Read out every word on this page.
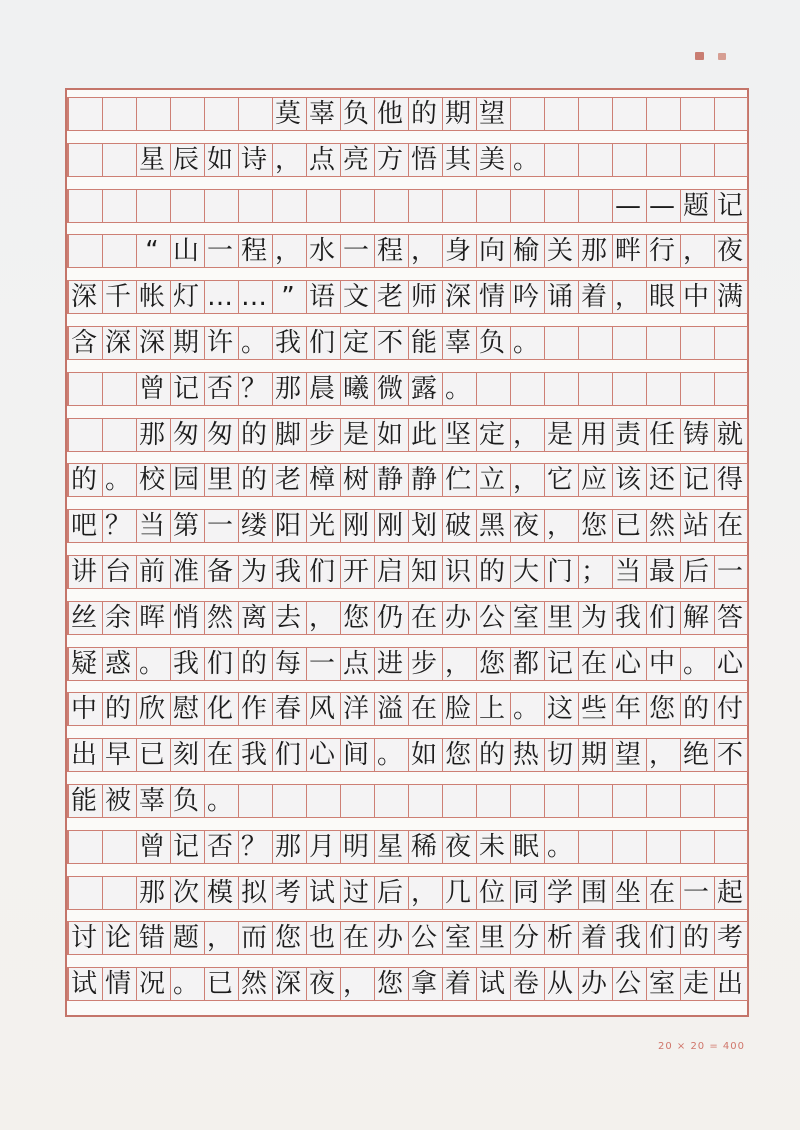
莫 辜 负 他 的 期 望
星 辰 如 诗 ， 点 亮 方 悟 其 美 。
— — 题 记
“ 山 一 程 ， 水 一 程 ， 身 向 榆 关 那 畔 行 ， 夜
深 千 帐 灯 … … ” 语 文 老 师 深 情 吟 诵 着 ， 眼 中 满
含 深 深 期 许 。 我 们 定 不 能 辜 负 。
曾 记 否 ？ 那 晨 曦 微 露 。
那 匆 匆 的 脚 步 是 如 此 坚 定 ， 是 用 责 任 铸 就
的 。 校 园 里 的 老 樟 树 静 静 伫 立 ， 它 应 该 还 记 得
吧 ？ 当 第 一 缕 阳 光 刚 刚 划 破 黑 夜 ， 您 已 然 站 在
讲 台 前 准 备 为 我 们 开 启 知 识 的 大 门 ； 当 最 后 一
丝 余 晖 悄 然 离 去 ， 您 仍 在 办 公 室 里 为 我 们 解 答
疑 惑 。 我 们 的 每 一 点 进 步 ， 您 都 记 在 心 中 。 心
中 的 欣 慰 化 作 春 风 洋 溢 在 脸 上 。 这 些 年 您 的 付
出 早 已 刻 在 我 们 心 间 。 如 您 的 热 切 期 望 ， 绝 不
能 被 辜 负 。
曾 记 否 ？ 那 月 明 星 稀 夜 未 眠 。
那 次 模 拟 考 试 过 后 ， 几 位 同 学 围 坐 在 一 起
讨 论 错 题 ， 而 您 也 在 办 公 室 里 分 析 着 我 们 的 考
试 情 况 。 已 然 深 夜 ， 您 拿 着 试 卷 从 办 公 室 走 出
20 × 20 = 400
